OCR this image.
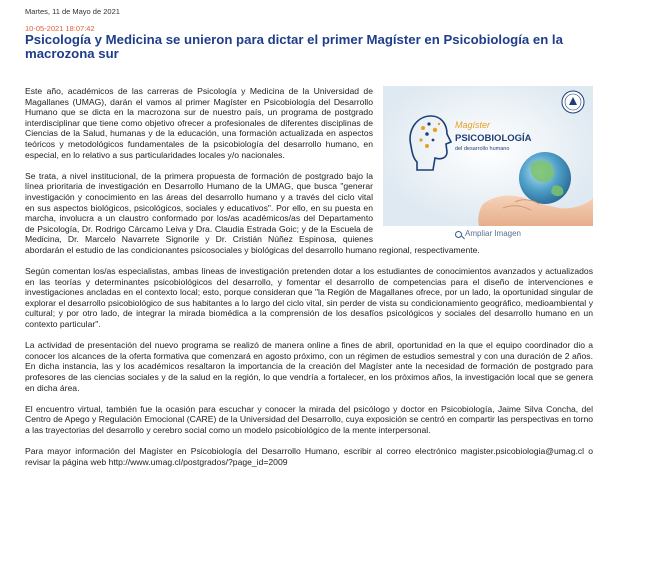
Martes, 11 de Mayo de 2021
10-05-2021 18:07:42
Psicología y Medicina se unieron para dictar el primer Magíster en Psicobiología en la macrozona sur
Magíster
PSICOBIOLOGÍA
del desarrollo humano
Ampliar Imagen

Este año, académicos de las carreras de Psicología y Medicina de la Universidad de Magallanes (UMAG), darán el vamos al primer Magíster en Psicobiología del Desarrollo Humano que se dicta en la macrozona sur de nuestro país, un programa de postgrado interdisciplinar que tiene como objetivo ofrecer a profesionales de diferentes disciplinas de Ciencias de la Salud, humanas y de la educación, una formación actualizada en aspectos teóricos y metodológicos fundamentales de la psicobiología del desarrollo humano, en especial, en lo relativo a sus particularidades locales y/o nacionales.

Se trata, a nivel institucional, de la primera propuesta de formación de postgrado bajo la línea prioritaria de investigación en Desarrollo Humano de la UMAG, que busca "generar investigación y conocimiento en las áreas del desarrollo humano y a través del ciclo vital en sus aspectos biológicos, psicológicos, sociales y educativos". Por ello, en su puesta en marcha, involucra a un claustro conformado por los/as académicos/as del Departamento de Psicología, Dr. Rodrigo Cárcamo Leiva y Dra. Claudia Estrada Goic; y de la Escuela de Medicina, Dr. Marcelo Navarrete Signorile y Dr. Cristián Núñez Espinosa, quienes abordarán el estudio de las condicionantes psicosociales y biológicas del desarrollo humano regional, respectivamente.

Según comentan los/as especialistas, ambas líneas de investigación pretenden dotar a los estudiantes de conocimientos avanzados y actualizados en las teorías y determinantes psicobiológicos del desarrollo, y fomentar el desarrollo de competencias para el diseño de intervenciones e investigaciones ancladas en el contexto local; esto, porque consideran que "la Región de Magallanes ofrece, por un lado, la oportunidad singular de explorar el desarrollo psicobiológico de sus habitantes a lo largo del ciclo vital, sin perder de vista su condicionamiento geográfico, medioambiental y cultural; y por otro lado, de integrar la mirada biomédica a la comprensión de los desafíos psicológicos y sociales del desarrollo humano en un contexto particular".

La actividad de presentación del nuevo programa se realizó de manera online a fines de abril, oportunidad en la que el equipo coordinador dio a conocer los alcances de la oferta formativa que comenzará en agosto próximo, con un régimen de estudios semestral y con una duración de 2 años. En dicha instancia, las y los académicos resaltaron la importancia de la creación del Magíster ante la necesidad de formación de postgrado para profesores de las ciencias sociales y de la salud en la región, lo que vendría a fortalecer, en los próximos años, la investigación local que se genera en dicha área.

El encuentro virtual, también fue la ocasión para escuchar y conocer la mirada del psicólogo y doctor en Psicobiología, Jaime Silva Concha, del Centro de Apego y Regulación Emocional (CARE) de la Universidad del Desarrollo, cuya exposición se centró en compartir las perspectivas en torno a las trayectorias del desarrollo y cerebro social como un modelo psicobiológico de la mente interpersonal.

Para mayor información del Magíster en Psicobiología del Desarrollo Humano, escribir al correo electrónico magister.psicobiologia@umag.cl o revisar la página web http://www.umag.cl/postgrados/?page_id=2009
